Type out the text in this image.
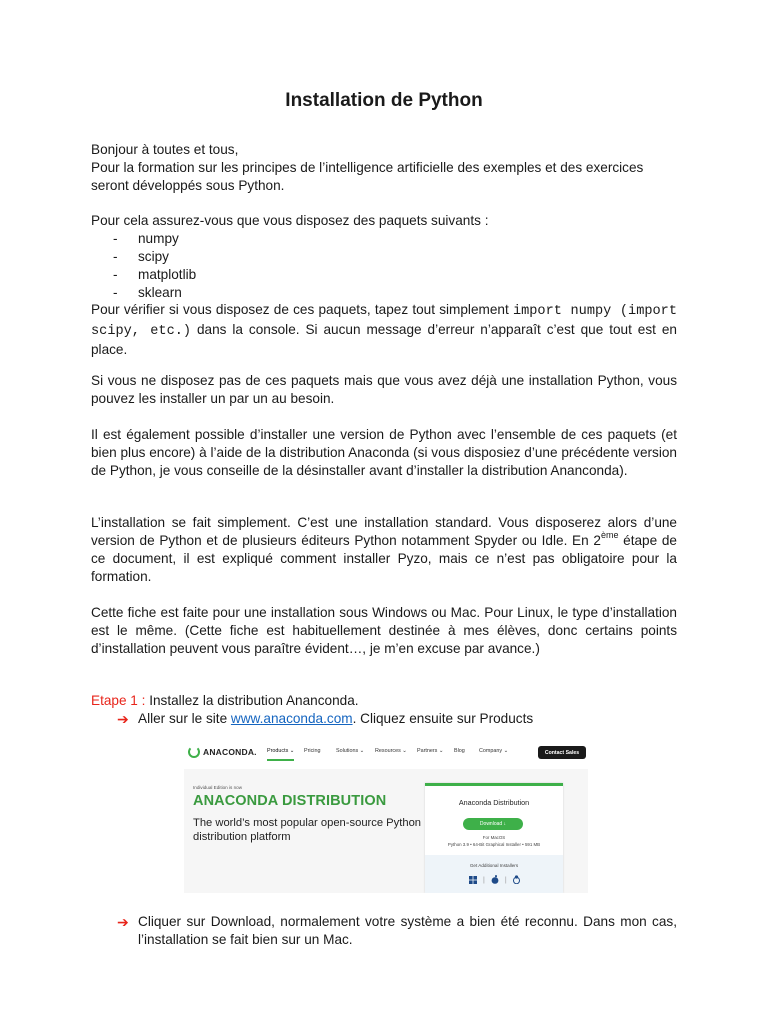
Installation de Python
Bonjour à toutes et tous,
Pour la formation sur les principes de l’intelligence artificielle des exemples et des exercices seront développés sous Python.
Pour cela assurez-vous que vous disposez des paquets suivants :
- numpy
- scipy
- matplotlib
- sklearn
Pour vérifier si vous disposez de ces paquets, tapez tout simplement import numpy (import scipy, etc.) dans la console. Si aucun message d’erreur n’apparaît c’est que tout est en place.
Si vous ne disposez pas de ces paquets mais que vous avez déjà une installation Python, vous pouvez les installer un par un au besoin.
Il est également possible d’installer une version de Python avec l’ensemble de ces paquets (et bien plus encore) à l’aide de la distribution Anaconda (si vous disposiez d’une précédente version de Python, je vous conseille de la désinstaller avant d’installer la distribution Ananconda).
L’installation se fait simplement. C’est une installation standard. Vous disposerez alors d’une version de Python et de plusieurs éditeurs Python notamment Spyder ou Idle. En 2ème étape de ce document, il est expliqué comment installer Pyzo, mais ce n’est pas obligatoire pour la formation.
Cette fiche est faite pour une installation sous Windows ou Mac. Pour Linux, le type d’installation est le même. (Cette fiche est habituellement destinée à mes élèves, donc certains points d’installation peuvent vous paraître évident…, je m’en excuse par avance.)
Etape 1 : Installez la distribution Ananconda.
➔ Aller sur le site www.anaconda.com. Cliquez ensuite sur Products
➔ Cliquer sur Download, normalement votre système a bien été reconnu. Dans mon cas, l’installation se fait bien sur un Mac.
ANACONDA. Products ⌄ Pricing	Solutions ⌄ Resources ⌄ Partners ⌄ Blog	Company ⌄	Contact Sales
Individual Edition is now
ANACONDA DISTRIBUTION
The world’s most popular open-source Python distribution platform
Anaconda Distribution
Download ↓
For MacOS
Python 3.9 • 64-Bit Graphical Installer • 591 MB
Get Additional Installers
|	|
